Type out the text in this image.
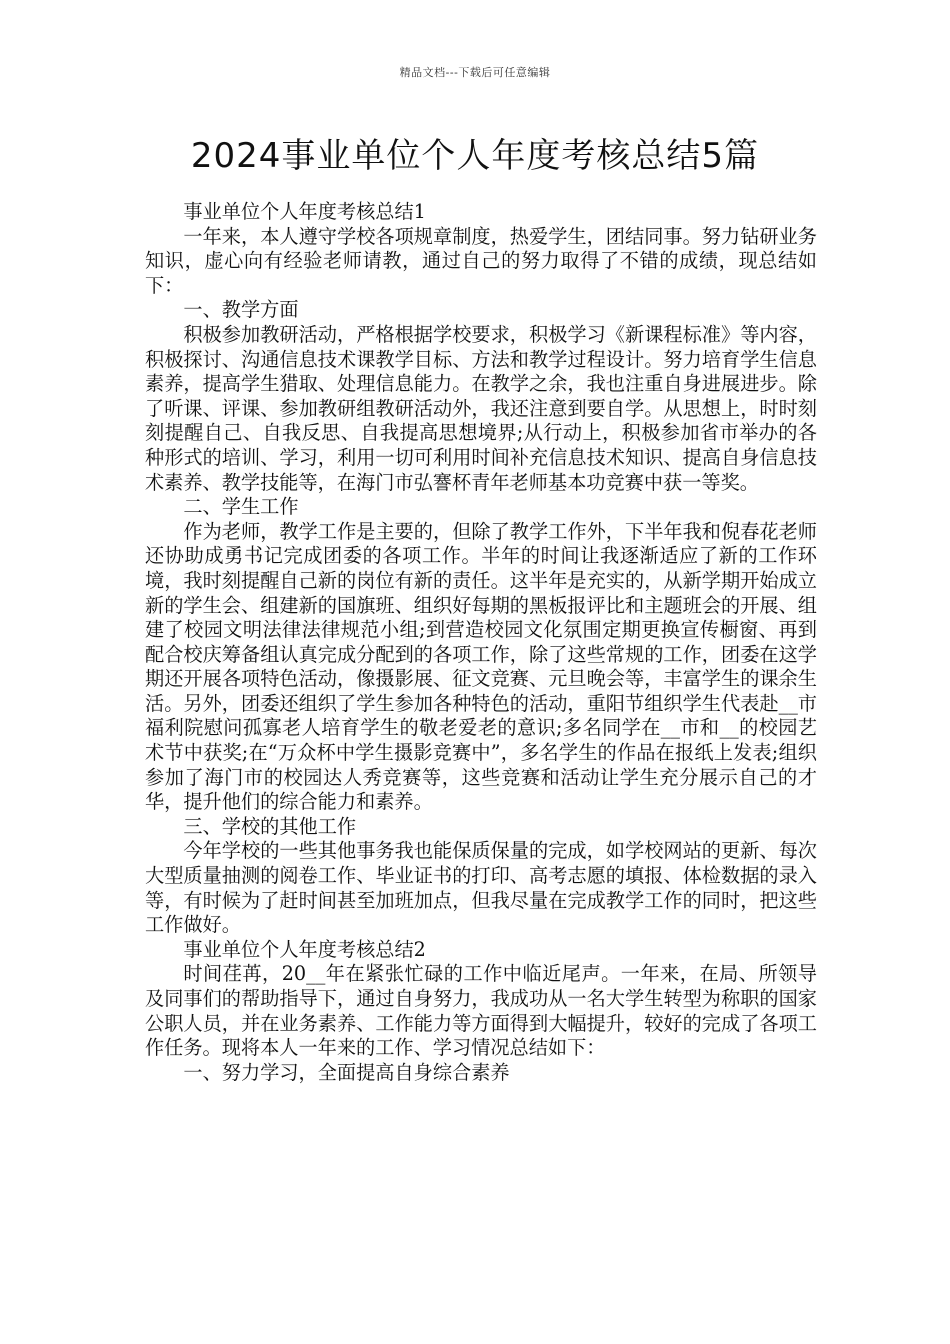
精品文档---下载后可任意编辑
2024事业单位个人年度考核总结5篇

事业单位个人年度考核总结1

一年来，本人遵守学校各项规章制度，热爱学生，团结同事。努力钻研业务知识，虚心向有经验老师请教，通过自己的努力取得了不错的成绩，现总结如下：

一、教学方面

积极参加教研活动，严格根据学校要求，积极学习《新课程标准》等内容，积极探讨、沟通信息技术课教学目标、方法和教学过程设计。努力培育学生信息素养，提高学生猎取、处理信息能力。在教学之余，我也注重自身进展进步。除了听课、评课、参加教研组教研活动外，我还注意到要自学。从思想上，时时刻刻提醒自己、自我反思、自我提高思想境界;从行动上，积极参加省市举办的各种形式的培训、学习，利用一切可利用时间补充信息技术知识、提高自身信息技术素养、教学技能等，在海门市弘謇杯青年老师基本功竞赛中获一等奖。

二、学生工作

作为老师，教学工作是主要的，但除了教学工作外，下半年我和倪春花老师还协助成勇书记完成团委的各项工作。半年的时间让我逐渐适应了新的工作环境，我时刻提醒自己新的岗位有新的责任。这半年是充实的，从新学期开始成立新的学生会、组建新的国旗班、组织好每期的黑板报评比和主题班会的开展、组建了校园文明法律法律规范小组;到营造校园文化氛围定期更换宣传橱窗、再到配合校庆筹备组认真完成分配到的各项工作，除了这些常规的工作，团委在这学期还开展各项特色活动，像摄影展、征文竞赛、元旦晚会等，丰富学生的课余生活。另外，团委还组织了学生参加各种特色的活动，重阳节组织学生代表赴__市福利院慰问孤寡老人培育学生的敬老爱老的意识;多名同学在__市和__的校园艺术节中获奖;在“万众杯中学生摄影竞赛中”，多名学生的作品在报纸上发表;组织参加了海门市的校园达人秀竞赛等，这些竞赛和活动让学生充分展示自己的才华，提升他们的综合能力和素养。

三、学校的其他工作

今年学校的一些其他事务我也能保质保量的完成，如学校网站的更新、每次大型质量抽测的阅卷工作、毕业证书的打印、高考志愿的填报、体检数据的录入等，有时候为了赶时间甚至加班加点，但我尽量在完成教学工作的同时，把这些工作做好。

事业单位个人年度考核总结2

时间荏苒，20__年在紧张忙碌的工作中临近尾声。一年来，在局、所领导及同事们的帮助指导下，通过自身努力，我成功从一名大学生转型为称职的国家公职人员，并在业务素养、工作能力等方面得到大幅提升，较好的完成了各项工作任务。现将本人一年来的工作、学习情况总结如下：

一、努力学习，全面提高自身综合素养
